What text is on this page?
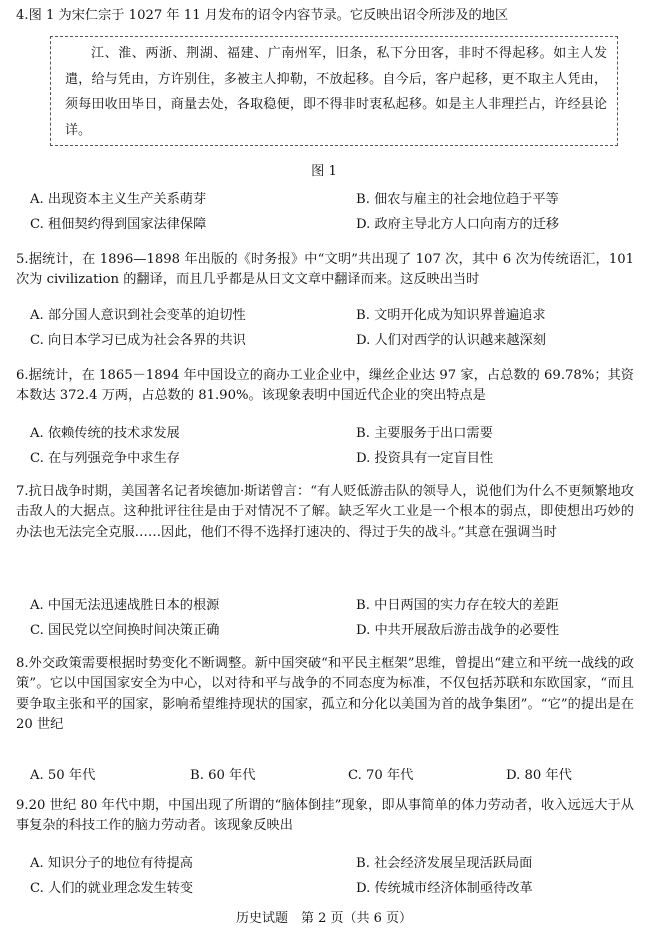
4.图 1 为宋仁宗于 1027 年 11 月发布的诏令内容节录。它反映出诏令所涉及的地区

江、淮、两浙、荆湖、福建、广南州军，旧条，私下分田客，非时不得起移。如主人发遣，给与凭由，方许别住，多被主人抑勒，不放起移。自今后，客户起移，更不取主人凭由，须每田收田毕日，商量去处，各取稳便，即不得非时衷私起移。如是主人非理拦占，许经县论详。
图 1
A. 出现资本主义生产关系萌芽	B. 佃农与雇主的社会地位趋于平等
C. 租佃契约得到国家法律保障	D. 政府主导北方人口向南方的迁移

5.据统计，在 1896—1898 年出版的《时务报》中“文明”共出现了 107 次，其中 6 次为传统语汇，101 次为 civilization 的翻译，而且几乎都是从日文文章中翻译而来。这反映出当时

A. 部分国人意识到社会变革的迫切性	B. 文明开化成为知识界普遍追求
C. 向日本学习已成为社会各界的共识	D. 人们对西学的认识越来越深刻

6.据统计，在 1865－1894 年中国设立的商办工业企业中，缫丝企业达 97 家，占总数的 69.78%；其资本数达 372.4 万两，占总数的 81.90%。该现象表明中国近代企业的突出特点是

A. 依赖传统的技术求发展	B. 主要服务于出口需要
C. 在与列强竞争中求生存	D. 投资具有一定盲目性

7.抗日战争时期，美国著名记者埃德加·斯诺曾言：“有人贬低游击队的领导人，说他们为什么不更频繁地攻击敌人的大据点。这种批评往往是由于对情况不了解。缺乏军火工业是一个根本的弱点，即使想出巧妙的办法也无法完全克服……因此，他们不得不选择打速决的、得过于失的战斗。”其意在强调当时

A. 中国无法迅速战胜日本的根源	B. 中日两国的实力存在较大的差距
C. 国民党以空间换时间决策正确	D. 中共开展敌后游击战争的必要性

8.外交政策需要根据时势变化不断调整。新中国突破“和平民主框架”思维，曾提出“建立和平统一战线的政策”。它以中国国家安全为中心，以对待和平与战争的不同态度为标准，不仅包括苏联和东欧国家，“而且要争取主张和平的国家，影响希望维持现状的国家，孤立和分化以美国为首的战争集团”。“它”的提出是在 20 世纪

A. 50 年代	B. 60 年代	C. 70 年代	D. 80 年代

9.20 世纪 80 年代中期，中国出现了所谓的“脑体倒挂”现象，即从事简单的体力劳动者，收入远远大于从事复杂的科技工作的脑力劳动者。该现象反映出

A. 知识分子的地位有待提高	B. 社会经济发展呈现活跃局面
C. 人们的就业理念发生转变	D. 传统城市经济体制亟待改革
历史试题　第 2 页（共 6 页）
